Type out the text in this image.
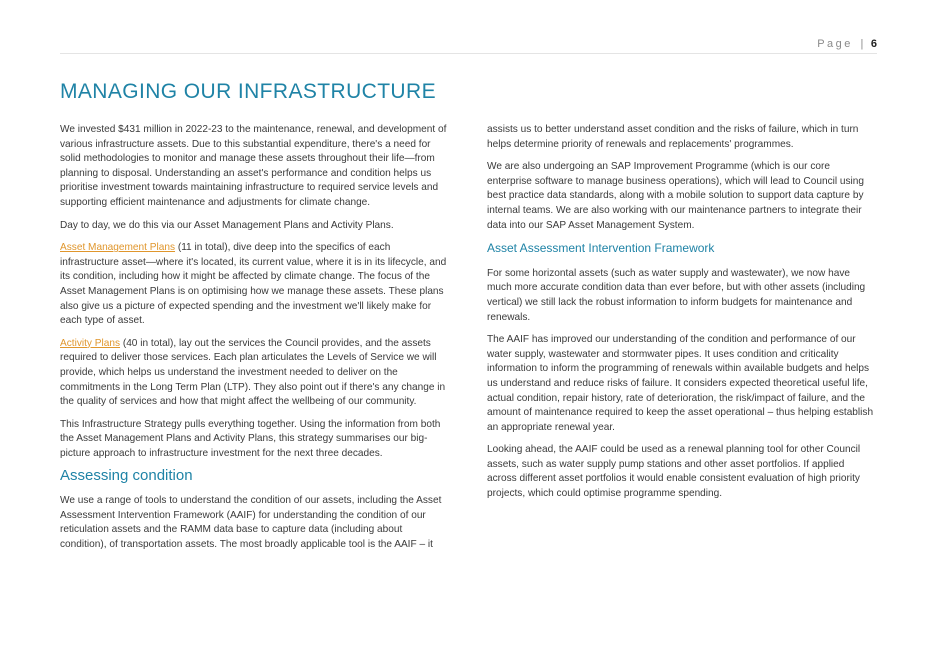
Page | 6
MANAGING OUR INFRASTRUCTURE

We invested $431 million in 2022-23 to the maintenance, renewal, and development of various infrastructure assets. Due to this substantial expenditure, there's a need for solid methodologies to monitor and manage these assets throughout their life—from planning to disposal. Understanding an asset's performance and condition helps us prioritise investment towards maintaining infrastructure to required service levels and supporting efficient maintenance and adjustments for climate change.

Day to day, we do this via our Asset Management Plans and Activity Plans.

Asset Management Plans (11 in total), dive deep into the specifics of each infrastructure asset—where it's located, its current value, where it is in its lifecycle, and its condition, including how it might be affected by climate change. The focus of the Asset Management Plans is on optimising how we manage these assets. These plans also give us a picture of expected spending and the investment we'll likely make for each type of asset.

Activity Plans (40 in total), lay out the services the Council provides, and the assets required to deliver those services. Each plan articulates the Levels of Service we will provide, which helps us understand the investment needed to deliver on the commitments in the Long Term Plan (LTP). They also point out if there's any change in the quality of services and how that might affect the wellbeing of our community.

This Infrastructure Strategy pulls everything together. Using the information from both the Asset Management Plans and Activity Plans, this strategy summarises our big-picture approach to infrastructure investment for the next three decades.

Assessing condition

We use a range of tools to understand the condition of our assets, including the Asset Assessment Intervention Framework (AAIF) for understanding the condition of our reticulation assets and the RAMM data base to capture data (including about condition), of transportation assets. The most broadly applicable tool is the AAIF – it

assists us to better understand asset condition and the risks of failure, which in turn helps determine priority of renewals and replacements' programmes.

We are also undergoing an SAP Improvement Programme (which is our core enterprise software to manage business operations), which will lead to Council using best practice data standards, along with a mobile solution to support data capture by internal teams. We are also working with our maintenance partners to integrate their data into our SAP Asset Management System.

Asset Assessment Intervention Framework

For some horizontal assets (such as water supply and wastewater), we now have much more accurate condition data than ever before, but with other assets (including vertical) we still lack the robust information to inform budgets for maintenance and renewals.

The AAIF has improved our understanding of the condition and performance of our water supply, wastewater and stormwater pipes. It uses condition and criticality information to inform the programming of renewals within available budgets and helps us understand and reduce risks of failure. It considers expected theoretical useful life, actual condition, repair history, rate of deterioration, the risk/impact of failure, and the amount of maintenance required to keep the asset operational – thus helping establish an appropriate renewal year.

Looking ahead, the AAIF could be used as a renewal planning tool for other Council assets, such as water supply pump stations and other asset portfolios. If applied across different asset portfolios it would enable consistent evaluation of high priority projects, which could optimise programme spending.
